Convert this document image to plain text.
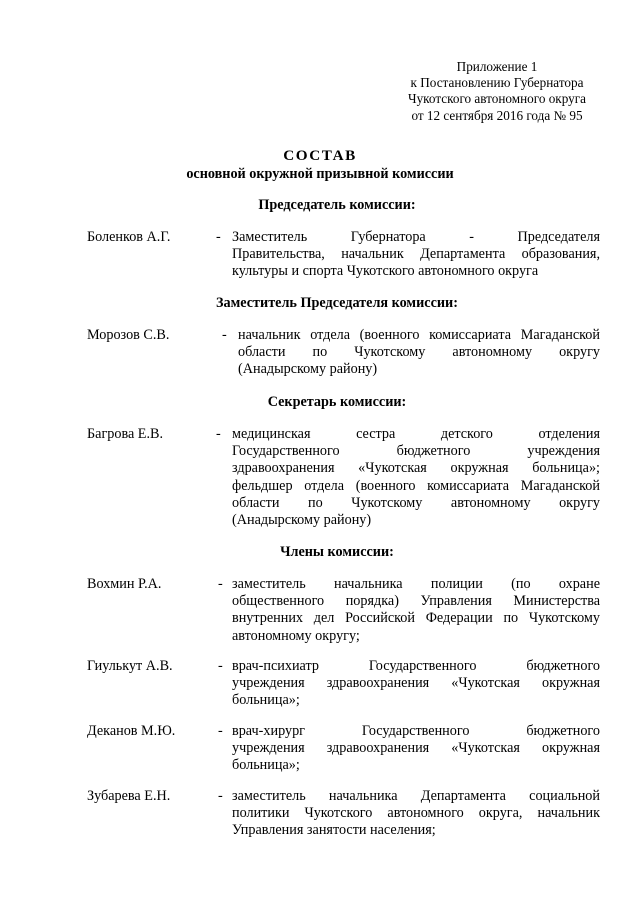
Приложение 1
к Постановлению Губернатора
Чукотского автономного округа
от 12 сентября 2016 года № 95
СОСТАВ
основной окружной призывной комиссии
Председатель комиссии:
Боленков А.Г.	- Заместитель Губернатора - Председателя
Правительства, начальник Департамента образования,
культуры и спорта Чукотского автономного округа
Заместитель Председателя комиссии:
Морозов С.В.	- начальник отдела (военного комиссариата Магаданской
области по Чукотскому автономному округу
(Анадырскому району)
Секретарь комиссии:
Багрова Е.В.	- медицинская сестра детского отделения
Государственного бюджетного учреждения
здравоохранения «Чукотская окружная больница»;
фельдшер отдела (военного комиссариата Магаданской
области по Чукотскому автономному округу
(Анадырскому району)
Члены комиссии:
Вохмин Р.А.	- заместитель начальника полиции (по охране
общественного порядка) Управления Министерства
внутренних дел Российской Федерации по Чукотскому
автономному округу;
Гиулькут А.В.	- врач-психиатр Государственного бюджетного
учреждения здравоохранения «Чукотская окружная
больница»;
Деканов М.Ю.	- врач-хирург Государственного бюджетного
учреждения здравоохранения «Чукотская окружная
больница»;
Зубарева Е.Н.	- заместитель начальника Департамента социальной
политики Чукотского автономного округа, начальник
Управления занятости населения;
